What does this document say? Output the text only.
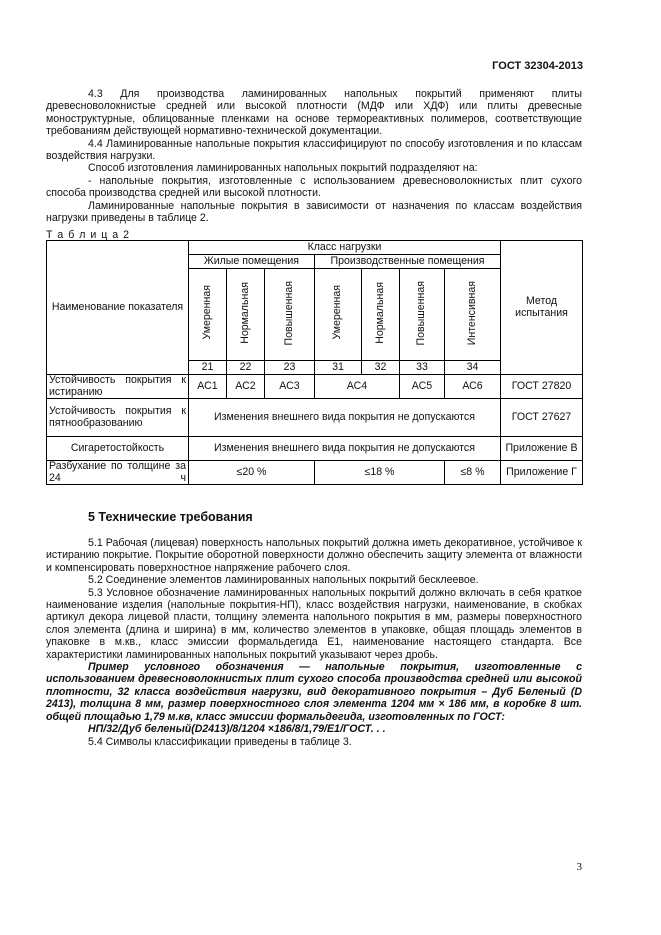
ГОСТ 32304-2013

4.3 Для производства ламинированных напольных покрытий применяют плиты древесноволокнистые средней или высокой плотности (МДФ или ХДФ) или плиты древесные моноструктурные, облицованные пленками на основе термореактивных полимеров, соответствующие требованиям действующей нормативно-технической документации.

4.4 Ламинированные напольные покрытия классифицируют по способу изготовления и по классам воздействия нагрузки.

Способ изготовления ламинированных напольных покрытий подразделяют на:

- напольные покрытия, изготовленные с использованием древесноволокнистых плит сухого способа производства средней или высокой плотности.

Ламинированные напольные покрытия в зависимости от назначения по классам воздействия нагрузки приведены в таблице 2.

Т а б л и ц а 2
Наименование показателя	Класс нагрузки							Метод испытания
	Жилые помещения			Производственные помещения				
	Умеренная	Нормальная	Повышенная	Умеренная	Нормальная	Повышенная	Интенсивная	
	21	22	23	31	32	33	34	
Устойчивость покрытия к истиранию	АС1	АС2	АС3	АС4		АС5	АС6	ГОСТ 27820
Устойчивость покрытия к пятнообразованию	Изменения внешнего вида покрытия не допускаются							ГОСТ 27627
Сигаретостойкость	Изменения внешнего вида покрытия не допускаются							Приложение В
Разбухание по толщине за 24 ч	≤20 %			≤18 %			≤8 %	Приложение Г
5 Технические требования

5.1 Рабочая (лицевая) поверхность напольных покрытий должна иметь декоративное, устойчивое к истиранию покрытие. Покрытие оборотной поверхности должно обеспечить защиту элемента от влажности и компенсировать поверхностное напряжение рабочего слоя.

5.2 Соединение элементов ламинированных напольных покрытий бесклеевое.

5.3 Условное обозначение ламинированных напольных покрытий должно включать в себя краткое наименование изделия (напольные покрытия-НП), класс воздействия нагрузки, наименование, в скобках артикул декора лицевой пласти, толщину элемента напольного покрытия в мм, размеры поверхностного слоя элемента (длина и ширина) в мм, количество элементов в упаковке, общая площадь элементов в упаковке в м.кв., класс эмиссии формальдегида Е1, наименование настоящего стандарта. Все характеристики ламинированных напольных покрытий указывают через дробь.

Пример условного обозначения — напольные покрытия, изготовленные с использованием древесноволокнистых плит сухого способа производства средней или высокой плотности, 32 класса воздействия нагрузки, вид декоративного покрытия – Дуб Беленый (D 2413), толщина 8 мм, размер поверхностного слоя элемента 1204 мм × 186 мм, в коробке 8 шт. общей площадью 1,79 м.кв, класс эмиссии формальдегида, изготовленных по ГОСТ:

НП/32/Дуб беленый(D2413)/8/1204 ×186/8/1,79/Е1/ГОСТ. . .

5.4 Символы классификации приведены в таблице 3.

3
